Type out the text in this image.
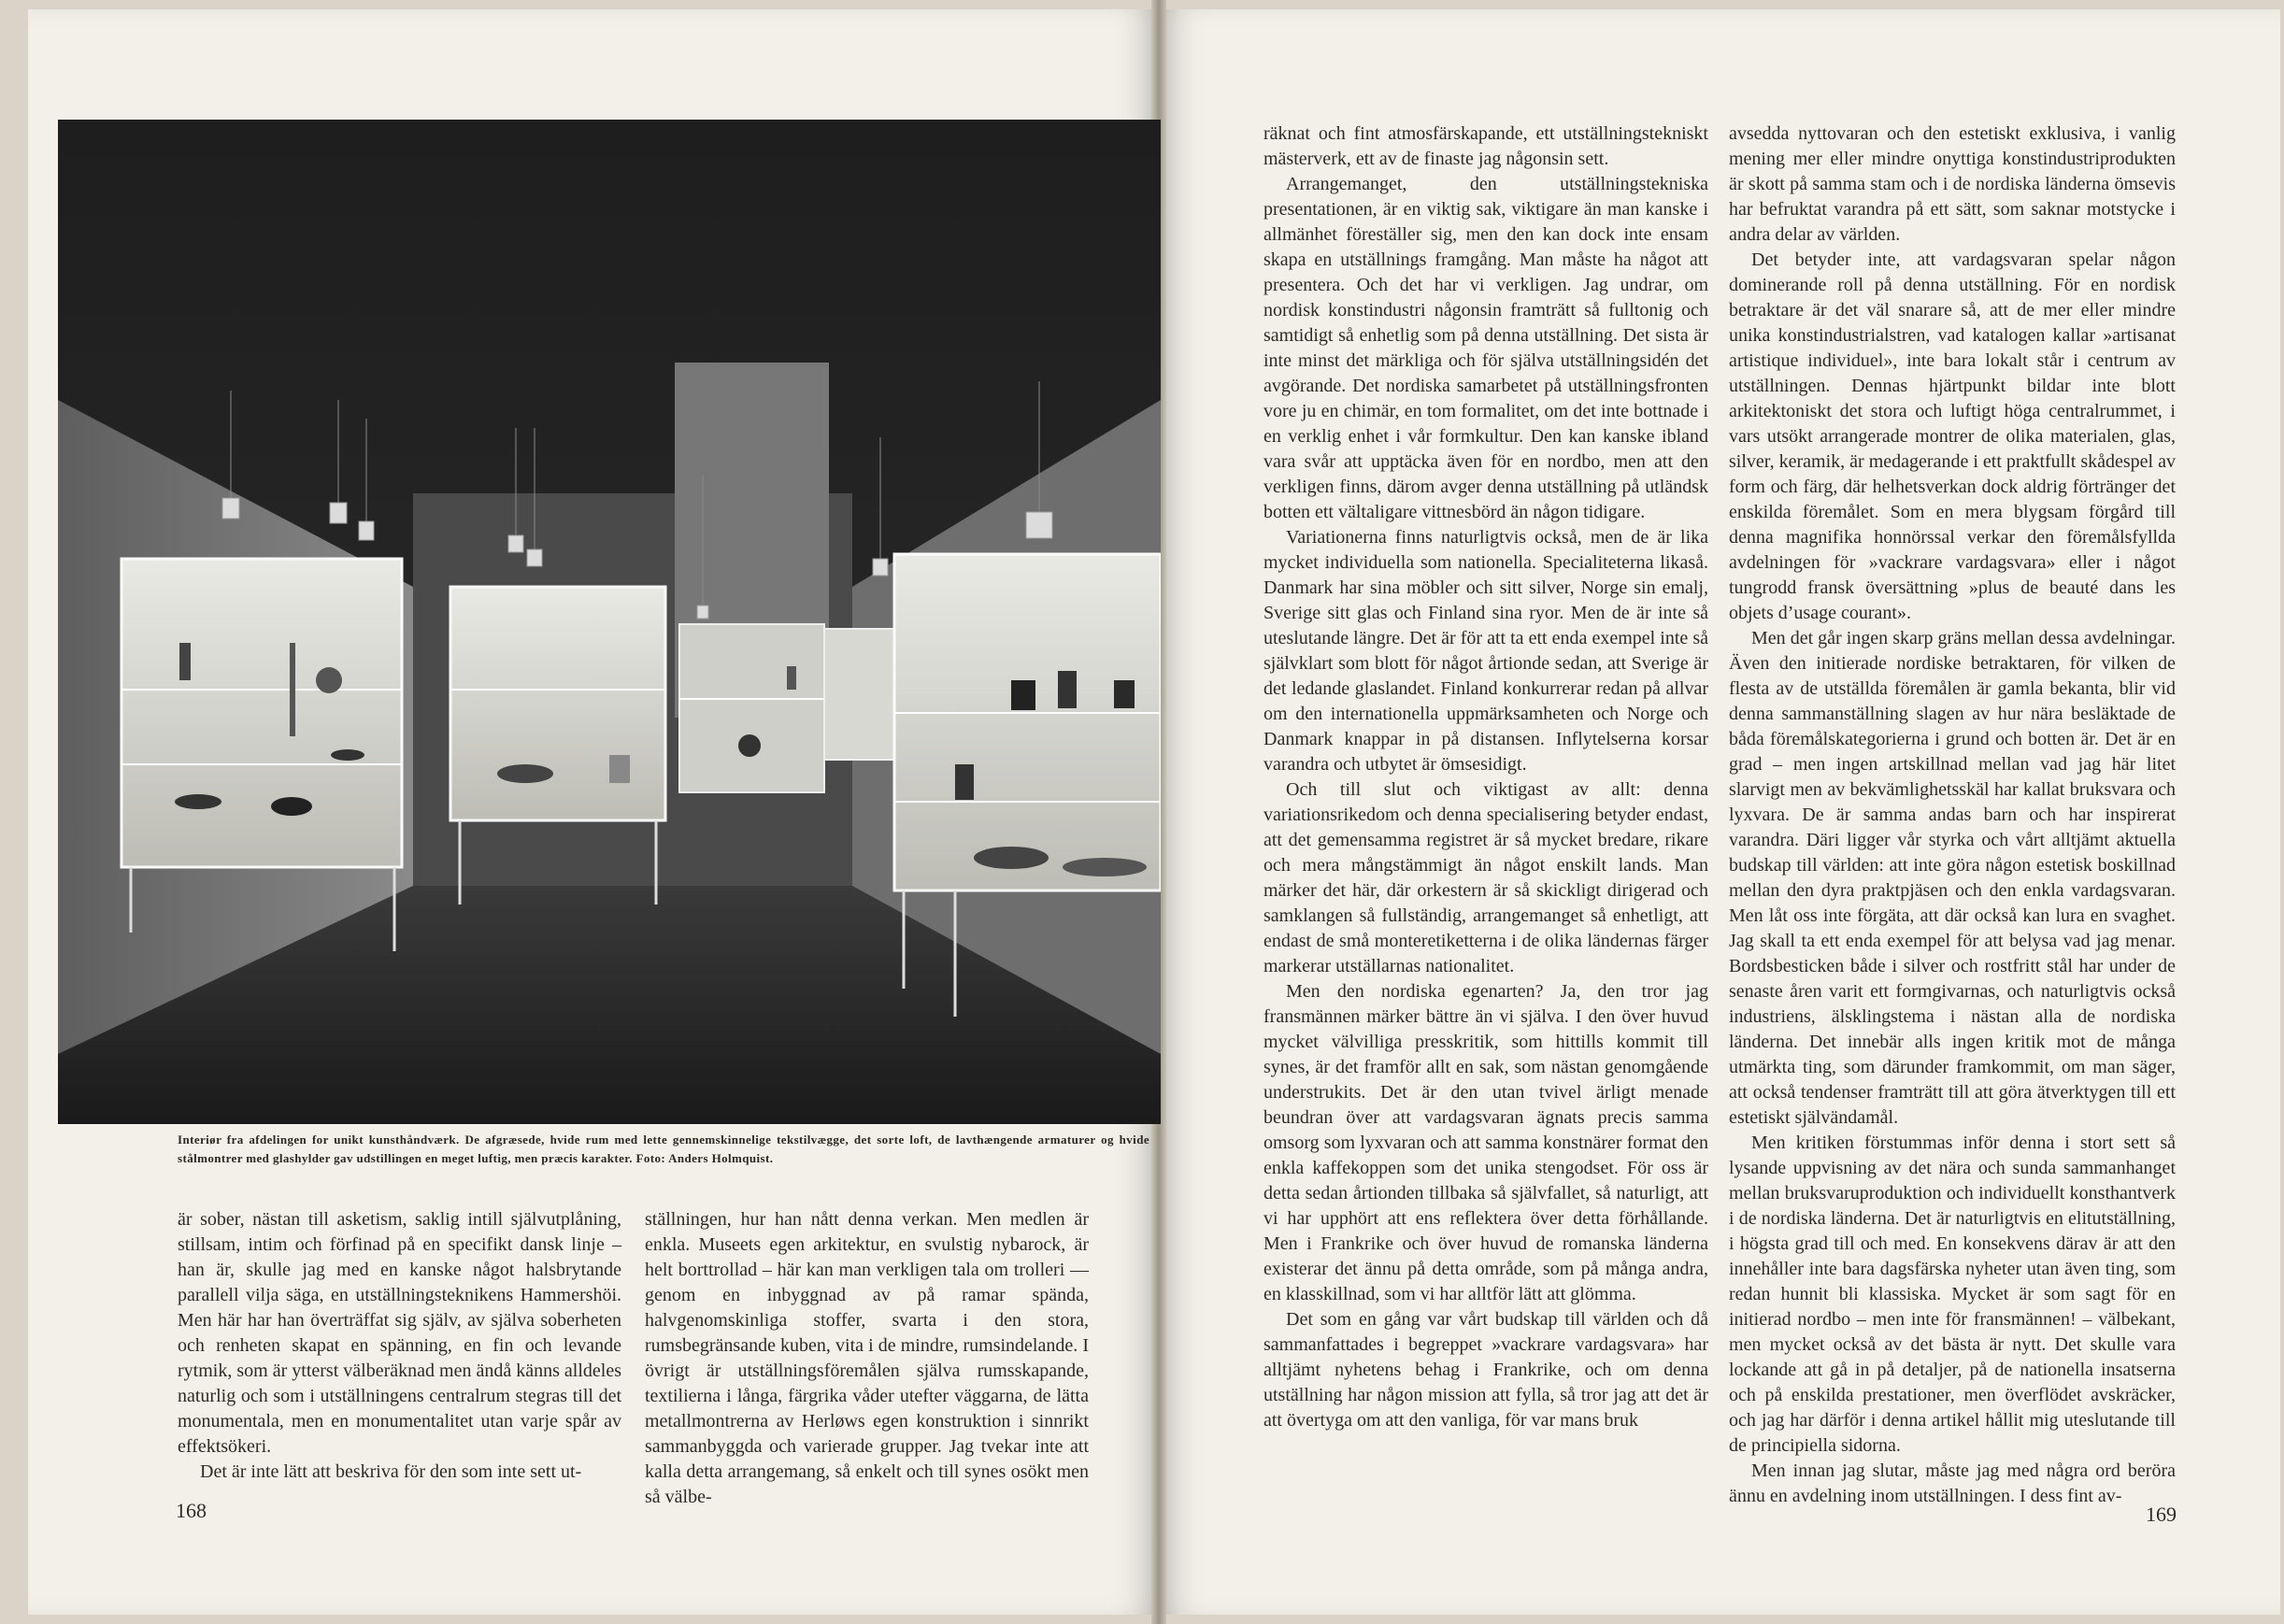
Interiør fra afdelingen for unikt kunsthåndværk. De afgræsede, hvide rum med lette gennemskinnelige tekstilvægge, det sorte loft, de lavthængende armaturer og hvide stålmontrer med glashylder gav udstillingen en meget luftig, men præcis karakter. Foto: Anders Holmquist.

är sober, nästan till asketism, saklig intill självutplåning, stillsam, intim och förfinad på en specifikt dansk linje – han är, skulle jag med en kanske något halsbrytande parallell vilja säga, en utställningsteknikens Hammershöi. Men här har han överträffat sig själv, av själva soberheten och renheten skapat en spänning, en fin och levande rytmik, som är ytterst välberäknad men ändå känns alldeles naturlig och som i utställningens centralrum stegras till det monumentala, men en monumentalitet utan varje spår av effektsökeri.

Det är inte lätt att beskriva för den som inte sett ut-

ställningen, hur han nått denna verkan. Men medlen är enkla. Museets egen arkitektur, en svulstig nybarock, är helt borttrollad – här kan man verkligen tala om trolleri — genom en inbyggnad av på ramar spända, halvgenomskinliga stoffer, svarta i den stora, rumsbegränsande kuben, vita i de mindre, rumsindelande. I övrigt är utställningsföremålen själva rumsskapande, textilierna i långa, färgrika våder utefter väggarna, de lätta metallmontrerna av Herløws egen konstruktion i sinnrikt sammanbyggda och varierade grupper. Jag tvekar inte att kalla detta arrangemang, så enkelt och till synes osökt men så välbe-

168

räknat och fint atmosfärskapande, ett utställningstekniskt mästerverk, ett av de finaste jag någonsin sett.

Arrangemanget, den utställningstekniska presentationen, är en viktig sak, viktigare än man kanske i allmänhet föreställer sig, men den kan dock inte ensam skapa en utställnings framgång. Man måste ha något att presentera. Och det har vi verkligen. Jag undrar, om nordisk konstindustri någonsin framträtt så fulltonig och samtidigt så enhetlig som på denna utställning. Det sista är inte minst det märkliga och för själva utställningsidén det avgörande. Det nordiska samarbetet på utställningsfronten vore ju en chimär, en tom formalitet, om det inte bottnade i en verklig enhet i vår formkultur. Den kan kanske ibland vara svår att upptäcka även för en nordbo, men att den verkligen finns, därom avger denna utställning på utländsk botten ett vältaligare vittnesbörd än någon tidigare.

Variationerna finns naturligtvis också, men de är lika mycket individuella som nationella. Specialiteterna likaså. Danmark har sina möbler och sitt silver, Norge sin emalj, Sverige sitt glas och Finland sina ryor. Men de är inte så uteslutande längre. Det är för att ta ett enda exempel inte så självklart som blott för något årtionde sedan, att Sverige är det ledande glaslandet. Finland konkurrerar redan på allvar om den internationella uppmärksamheten och Norge och Danmark knappar in på distansen. Inflytelserna korsar varandra och utbytet är ömsesidigt.

Och till slut och viktigast av allt: denna variationsrikedom och denna specialisering betyder endast, att det gemensamma registret är så mycket bredare, rikare och mera mångstämmigt än något enskilt lands. Man märker det här, där orkestern är så skickligt dirigerad och samklangen så fullständig, arrangemanget så enhetligt, att endast de små monteretiketterna i de olika ländernas färger markerar utställarnas nationalitet.

Men den nordiska egenarten? Ja, den tror jag fransmännen märker bättre än vi själva. I den över huvud mycket välvilliga presskritik, som hittills kommit till synes, är det framför allt en sak, som nästan genomgående understrukits. Det är den utan tvivel ärligt menade beundran över att vardagsvaran ägnats precis samma omsorg som lyxvaran och att samma konstnärer format den enkla kaffekoppen som det unika stengodset. För oss är detta sedan årtionden tillbaka så självfallet, så naturligt, att vi har upphört att ens reflektera över detta förhållande. Men i Frankrike och över huvud de romanska länderna existerar det ännu på detta område, som på många andra, en klasskillnad, som vi har alltför lätt att glömma.

Det som en gång var vårt budskap till världen och då sammanfattades i begreppet »vackrare vardagsvara» har alltjämt nyhetens behag i Frankrike, och om denna utställning har någon mission att fylla, så tror jag att det är att övertyga om att den vanliga, för var mans bruk

avsedda nyttovaran och den estetiskt exklusiva, i vanlig mening mer eller mindre onyttiga konstindustriprodukten är skott på samma stam och i de nordiska länderna ömsevis har befruktat varandra på ett sätt, som saknar motstycke i andra delar av världen.

Det betyder inte, att vardagsvaran spelar någon dominerande roll på denna utställning. För en nordisk betraktare är det väl snarare så, att de mer eller mindre unika konstindustrialstren, vad katalogen kallar »artisanat artistique individuel», inte bara lokalt står i centrum av utställningen. Dennas hjärtpunkt bildar inte blott arkitektoniskt det stora och luftigt höga centralrummet, i vars utsökt arrangerade montrer de olika materialen, glas, silver, keramik, är medagerande i ett praktfullt skådespel av form och färg, där helhetsverkan dock aldrig förtränger det enskilda föremålet. Som en mera blygsam förgård till denna magnifika honnörssal verkar den föremålsfyllda avdelningen för »vackrare vardagsvara» eller i något tungrodd fransk översättning »plus de beauté dans les objets d’usage courant».

Men det går ingen skarp gräns mellan dessa avdelningar. Även den initierade nordiske betraktaren, för vilken de flesta av de utställda föremålen är gamla bekanta, blir vid denna sammanställning slagen av hur nära besläktade de båda föremålskategorierna i grund och botten är. Det är en grad – men ingen artskillnad mellan vad jag här litet slarvigt men av bekvämlighetsskäl har kallat bruksvara och lyxvara. De är samma andas barn och har inspirerat varandra. Däri ligger vår styrka och vårt alltjämt aktuella budskap till världen: att inte göra någon estetisk boskillnad mellan den dyra praktpjäsen och den enkla vardagsvaran. Men låt oss inte förgäta, att där också kan lura en svaghet. Jag skall ta ett enda exempel för att belysa vad jag menar. Bordsbesticken både i silver och rostfritt stål har under de senaste åren varit ett formgivarnas, och naturligtvis också industriens, älsklingstema i nästan alla de nordiska länderna. Det innebär alls ingen kritik mot de många utmärkta ting, som därunder framkommit, om man säger, att också tendenser framträtt till att göra ätverktygen till ett estetiskt självändamål.

Men kritiken förstummas inför denna i stort sett så lysande uppvisning av det nära och sunda sammanhanget mellan bruksvaruproduktion och individuellt konsthantverk i de nordiska länderna. Det är naturligtvis en elitutställning, i högsta grad till och med. En konsekvens därav är att den innehåller inte bara dagsfärska nyheter utan även ting, som redan hunnit bli klassiska. Mycket är som sagt för en initierad nordbo – men inte för fransmännen! – välbekant, men mycket också av det bästa är nytt. Det skulle vara lockande att gå in på detaljer, på de nationella insatserna och på enskilda prestationer, men överflödet avskräcker, och jag har därför i denna artikel hållit mig uteslutande till de principiella sidorna.

Men innan jag slutar, måste jag med några ord beröra ännu en avdelning inom utställningen. I dess fint av-

169
